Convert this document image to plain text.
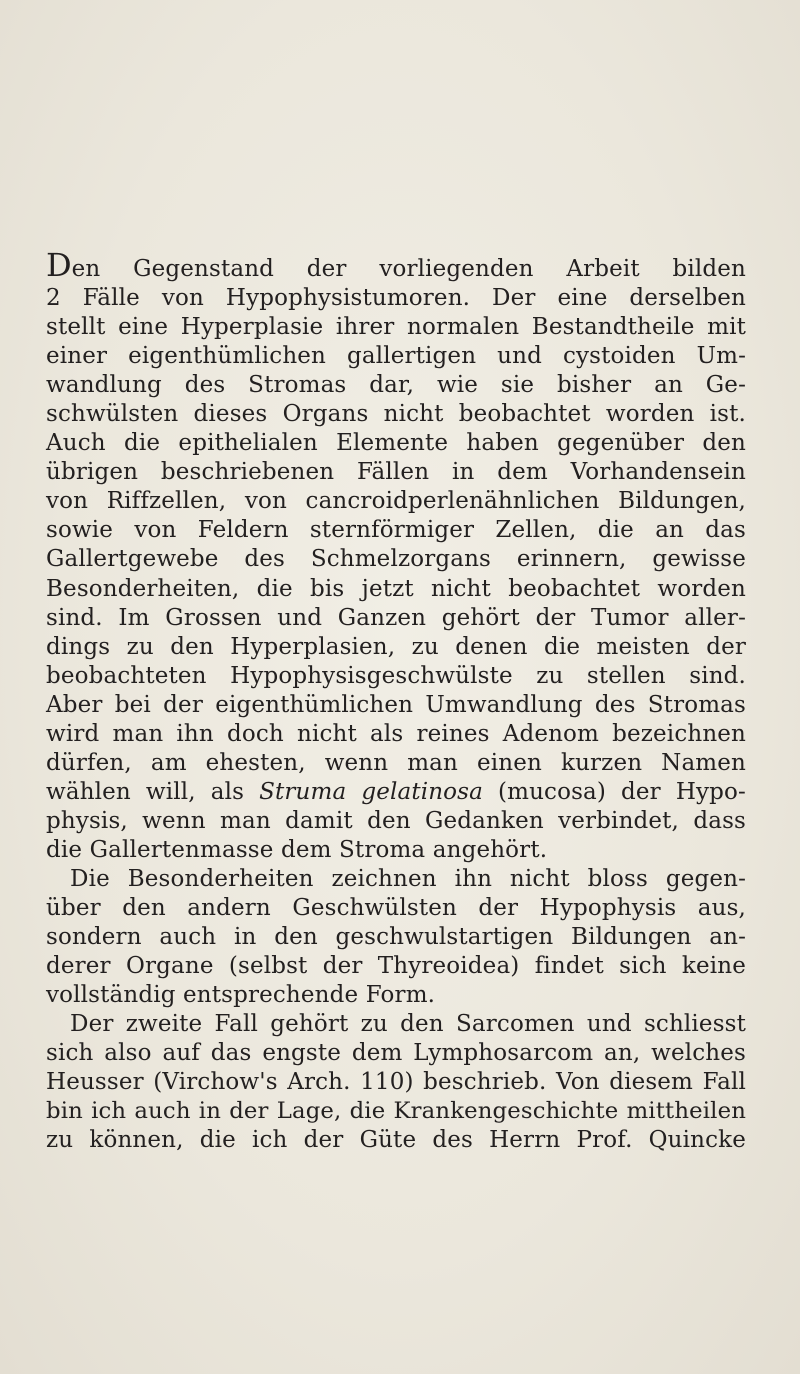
Den Gegenstand der vorliegenden Arbeit bilden
2 Fälle von Hypophysistumoren. Der eine derselben
stellt eine Hyperplasie ihrer normalen Bestandtheile mit
einer eigenthümlichen gallertigen und cystoiden Um-
wandlung des Stromas dar, wie sie bisher an Ge-
schwülsten dieses Organs nicht beobachtet worden ist.
Auch die epithelialen Elemente haben gegenüber den
übrigen beschriebenen Fällen in dem Vorhandensein
von Riffzellen, von cancroidperlenähnlichen Bildungen,
sowie von Feldern sternförmiger Zellen, die an das
Gallertgewebe des Schmelzorgans erinnern, gewisse
Besonderheiten, die bis jetzt nicht beobachtet worden
sind. Im Grossen und Ganzen gehört der Tumor aller-
dings zu den Hyperplasien, zu denen die meisten der
beobachteten Hypophysisgeschwülste zu stellen sind.
Aber bei der eigenthümlichen Umwandlung des Stromas
wird man ihn doch nicht als reines Adenom bezeichnen
dürfen, am ehesten, wenn man einen kurzen Namen
wählen will, als Struma gelatinosa (mucosa) der Hypo-
physis, wenn man damit den Gedanken verbindet, dass
die Gallertenmasse dem Stroma angehört.
Die Besonderheiten zeichnen ihn nicht bloss gegen-
über den andern Geschwülsten der Hypophysis aus,
sondern auch in den geschwulstartigen Bildungen an-
derer Organe (selbst der Thyreoidea) findet sich keine
vollständig entsprechende Form.
Der zweite Fall gehört zu den Sarcomen und schliesst
sich also auf das engste dem Lymphosarcom an, welches
Heusser (Virchow's Arch. 110) beschrieb. Von diesem Fall
bin ich auch in der Lage, die Krankengeschichte mittheilen
zu können, die ich der Güte des Herrn Prof. Quincke
